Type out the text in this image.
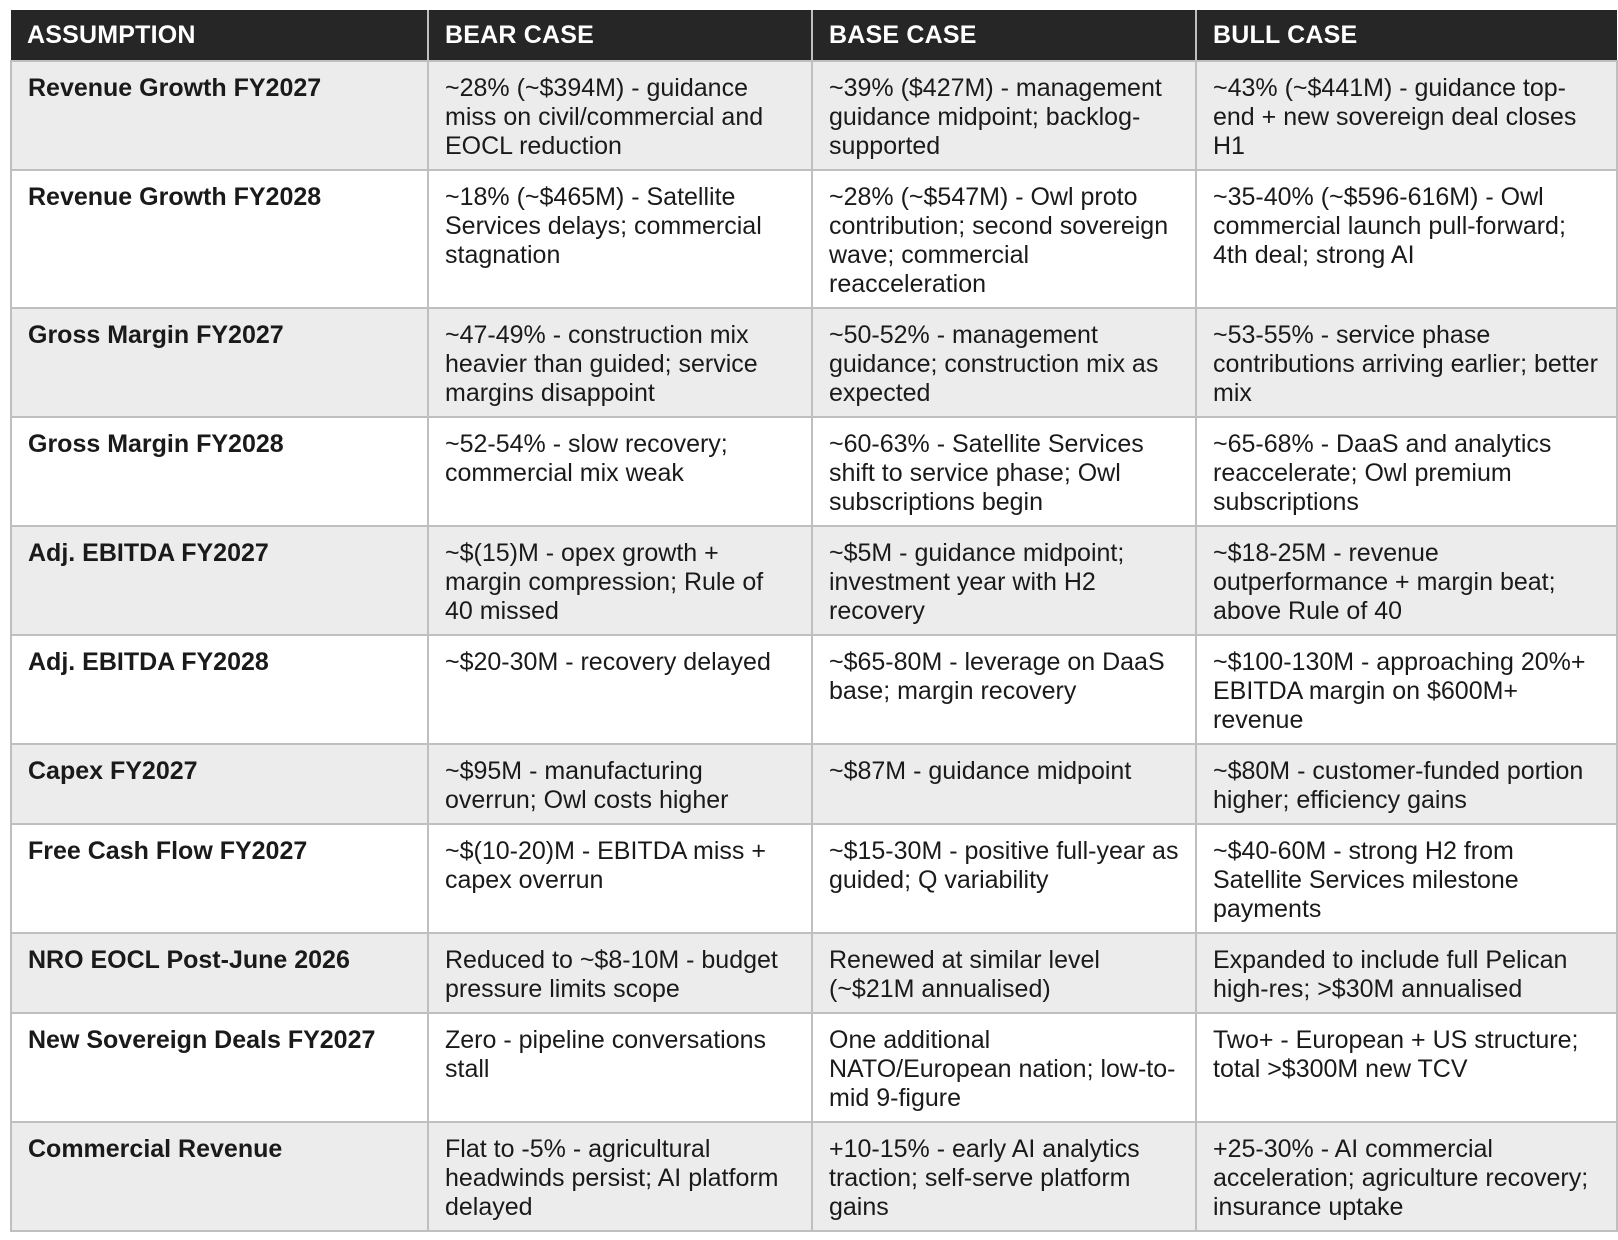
ASSUMPTION	BEAR CASE	BASE CASE	BULL CASE
Revenue Growth FY2027	~28% (~$394M) - guidance miss on civil/commercial and EOCL reduction	~39% ($427M) - management guidance midpoint; backlog-supported	~43% (~$441M) - guidance top-end + new sovereign deal closes H1
Revenue Growth FY2028	~18% (~$465M) - Satellite Services delays; commercial stagnation	~28% (~$547M) - Owl proto contribution; second sovereign wave; commercial reacceleration	~35-40% (~$596-616M) - Owl commercial launch pull-forward; 4th deal; strong AI
Gross Margin FY2027	~47-49% - construction mix heavier than guided; service margins disappoint	~50-52% - management guidance; construction mix as expected	~53-55% - service phase contributions arriving earlier; better mix
Gross Margin FY2028	~52-54% - slow recovery; commercial mix weak	~60-63% - Satellite Services shift to service phase; Owl subscriptions begin	~65-68% - DaaS and analytics reaccelerate; Owl premium subscriptions
Adj. EBITDA FY2027	~$(15)M - opex growth + margin compression; Rule of 40 missed	~$5M - guidance midpoint; investment year with H2 recovery	~$18-25M - revenue outperformance + margin beat; above Rule of 40
Adj. EBITDA FY2028	~$20-30M - recovery delayed	~$65-80M - leverage on DaaS base; margin recovery	~$100-130M - approaching 20%+ EBITDA margin on $600M+ revenue
Capex FY2027	~$95M - manufacturing overrun; Owl costs higher	~$87M - guidance midpoint	~$80M - customer-funded portion higher; efficiency gains
Free Cash Flow FY2027	~$(10-20)M - EBITDA miss + capex overrun	~$15-30M - positive full-year as guided; Q variability	~$40-60M - strong H2 from Satellite Services milestone payments
NRO EOCL Post-June 2026	Reduced to ~$8-10M - budget pressure limits scope	Renewed at similar level (~$21M annualised)	Expanded to include full Pelican high-res; >$30M annualised
New Sovereign Deals FY2027	Zero - pipeline conversations stall	One additional NATO/European nation; low-to-mid 9-figure	Two+ - European + US structure; total >$300M new TCV
Commercial Revenue	Flat to -5% - agricultural headwinds persist; AI platform delayed	+10-15% - early AI analytics traction; self-serve platform gains	+25-30% - AI commercial acceleration; agriculture recovery; insurance uptake
